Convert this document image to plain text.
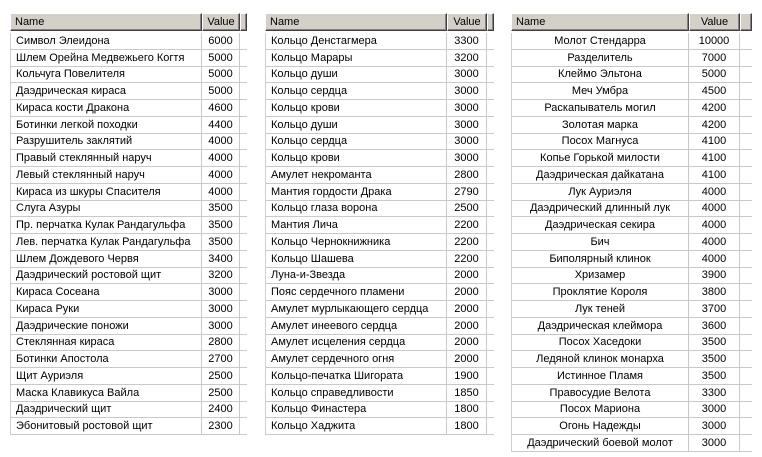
Name	Value
Символ Элеидона	6000
Шлем Орейна Медвежьего Когтя	5000
Кольчуга Повелителя	5000
Даэдрическая кираса	5000
Кираса кости Дракона	4600
Ботинки легкой походки	4400
Разрушитель заклятий	4000
Правый стеклянный наруч	4000
Левый стеклянный наруч	4000
Кираса из шкуры Спасителя	4000
Слуга Азуры	3500
Пр. перчатка Кулак Рандагульфа	3500
Лев. перчатка Кулак Рандагульфа	3500
Шлем Дождевого Червя	3400
Даэдрический ростовой щит	3200
Кираса Сосеана	3000
Кираса Руки	3000
Даэдрические поножи	3000
Стеклянная кираса	2800
Ботинки Апостола	2700
Щит Ауриэля	2500
Маска Клавикуса Вайла	2500
Даэдрический щит	2400
Эбонитовый ростовой щит	2300
Name	Value
Кольцо Денстагмера	3300
Кольцо Марары	3200
Кольцо души	3000
Кольцо сердца	3000
Кольцо крови	3000
Кольцо души	3000
Кольцо сердца	3000
Кольцо крови	3000
Амулет некроманта	2800
Мантия гордости Драка	2790
Кольцо глаза ворона	2500
Мантия Лича	2200
Кольцо Чернокнижника	2200
Кольцо Шашева	2200
Луна-и-Звезда	2000
Пояс сердечного пламени	2000
Амулет мурлыкающего сердца	2000
Амулет инеевого сердца	2000
Амулет исцеления сердца	2000
Амулет сердечного огня	2000
Кольцо-печатка Шигората	1900
Кольцо справедливости	1850
Кольцо Финастера	1800
Кольцо Хаджита	1800
Name	Value
Молот Стендарра	10000
Разделитель	7000
Клеймо Эльтона	5000
Меч Умбра	4500
Раскапыватель могил	4200
Золотая марка	4200
Посох Магнуса	4100
Копье Горькой милости	4100
Даэдрическая дайкатана	4100
Лук Ауриэля	4000
Даэдрический длинный лук	4000
Даэдрическая секира	4000
Бич	4000
Биполярный клинок	4000
Хризамер	3900
Проклятие Короля	3800
Лук теней	3700
Даэдрическая клеймора	3600
Посох Хаседоки	3500
Ледяной клинок монарха	3500
Истинное Пламя	3500
Правосудие Велота	3300
Посох Мариона	3000
Огонь Надежды	3000
Даэдрический боевой молот	3000
